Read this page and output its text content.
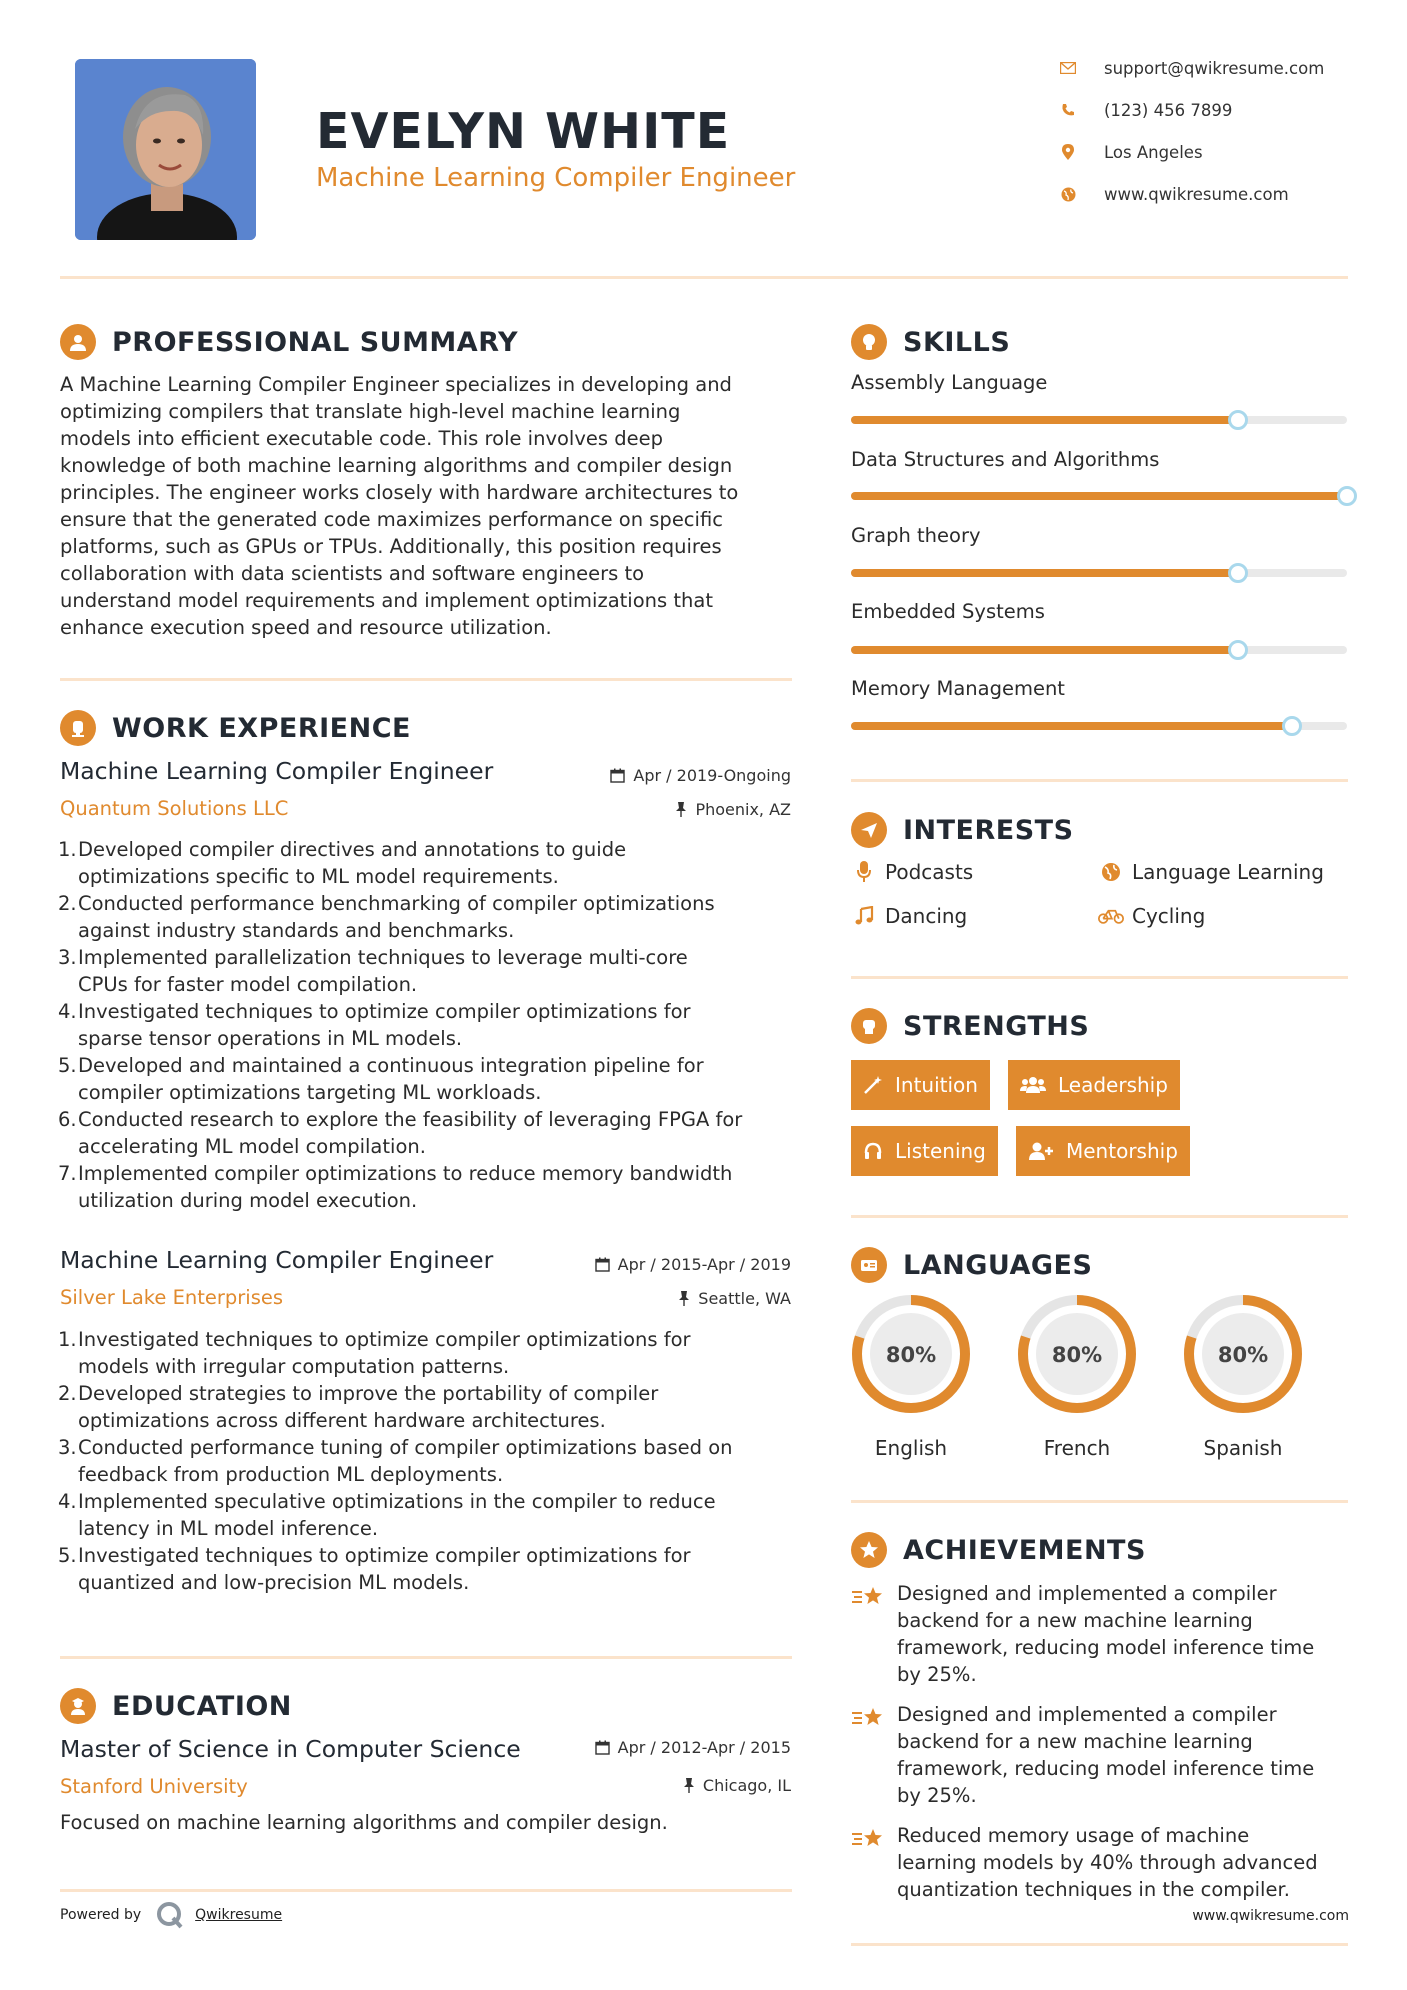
EVELYN WHITE
Machine Learning Compiler Engineer
support@qwikresume.com
(123) 456 7899
Los Angeles
www.qwikresume.com
PROFESSIONAL SUMMARY
A Machine Learning Compiler Engineer specializes in developing and
optimizing compilers that translate high-level machine learning
models into efficient executable code. This role involves deep
knowledge of both machine learning algorithms and compiler design
principles. The engineer works closely with hardware architectures to
ensure that the generated code maximizes performance on specific
platforms, such as GPUs or TPUs. Additionally, this position requires
collaboration with data scientists and software engineers to
understand model requirements and implement optimizations that
enhance execution speed and resource utilization.
WORK EXPERIENCE
Machine Learning Compiler Engineer
Quantum Solutions LLC
Apr / 2019-Ongoing
Phoenix, AZ
Developed compiler directives and annotations to guide
optimizations specific to ML model requirements.
Conducted performance benchmarking of compiler optimizations
against industry standards and benchmarks.
Implemented parallelization techniques to leverage multi-core
CPUs for faster model compilation.
Investigated techniques to optimize compiler optimizations for
sparse tensor operations in ML models.
Developed and maintained a continuous integration pipeline for
compiler optimizations targeting ML workloads.
Conducted research to explore the feasibility of leveraging FPGA for
accelerating ML model compilation.
Implemented compiler optimizations to reduce memory bandwidth
utilization during model execution.
Machine Learning Compiler Engineer
Silver Lake Enterprises
Apr / 2015-Apr / 2019
Seattle, WA
Investigated techniques to optimize compiler optimizations for
models with irregular computation patterns.
Developed strategies to improve the portability of compiler
optimizations across different hardware architectures.
Conducted performance tuning of compiler optimizations based on
feedback from production ML deployments.
Implemented speculative optimizations in the compiler to reduce
latency in ML model inference.
Investigated techniques to optimize compiler optimizations for
quantized and low-precision ML models.
EDUCATION
Master of Science in Computer Science
Stanford University
Apr / 2012-Apr / 2015
Chicago, IL
Focused on machine learning algorithms and compiler design.
Powered by	Qwikresume
SKILLS
Assembly Language
Data Structures and Algorithms
Graph theory
Embedded Systems
Memory Management
INTERESTS
Podcasts	Language Learning
Dancing	Cycling
STRENGTHS
Intuition	Leadership
Listening	Mentorship
LANGUAGES
80%
English
80%
French
80%
Spanish
ACHIEVEMENTS
Designed and implemented a compiler
backend for a new machine learning
framework, reducing model inference time
by 25%.
Designed and implemented a compiler
backend for a new machine learning
framework, reducing model inference time
by 25%.
Reduced memory usage of machine
learning models by 40% through advanced
quantization techniques in the compiler.
www.qwikresume.com
